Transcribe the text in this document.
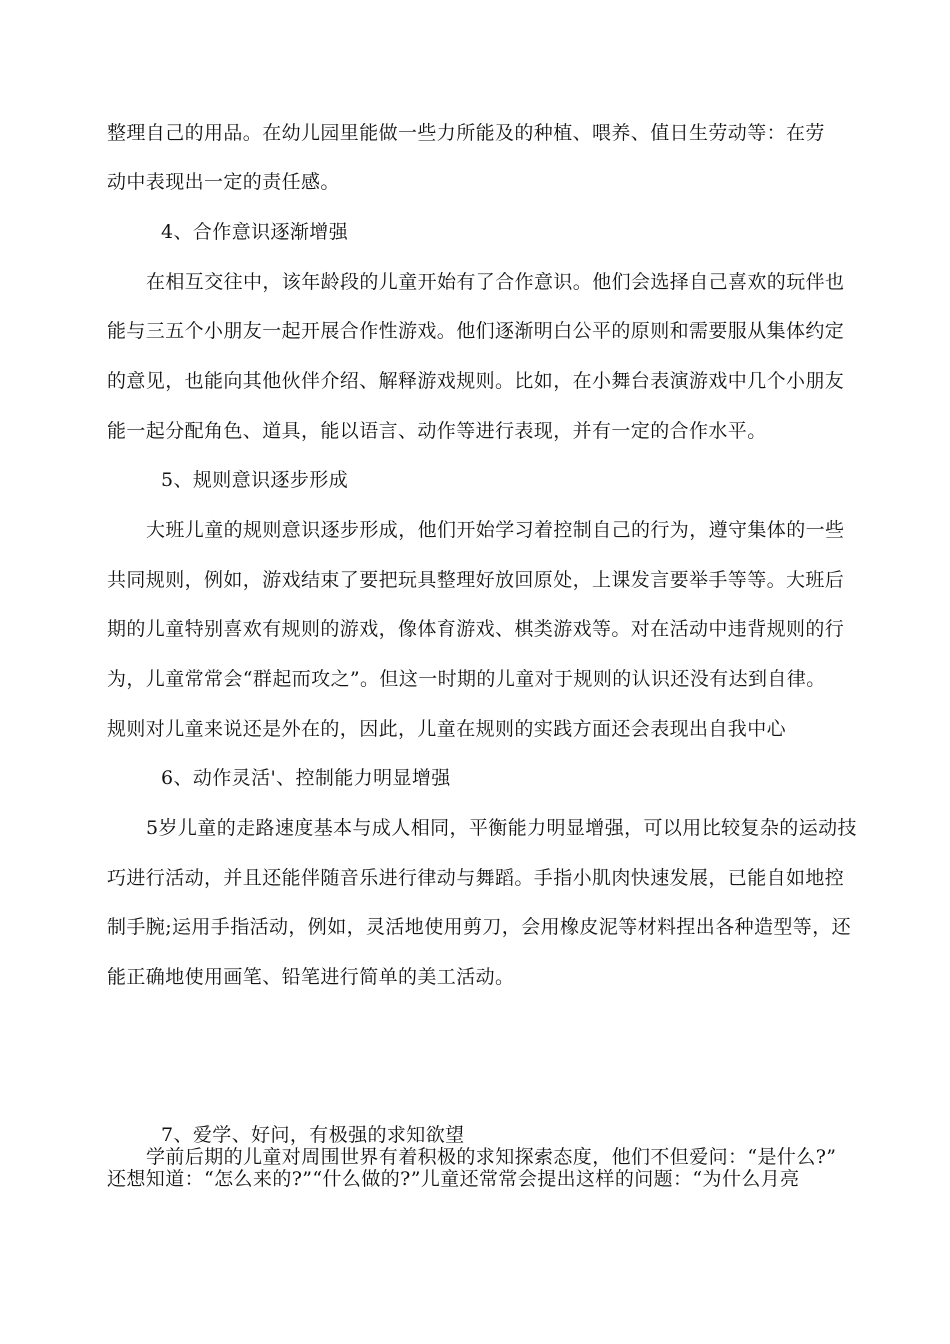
整理自己的用品。在幼儿园里能做一些力所能及的种植、喂养、值日生劳动等：在劳
动中表现出一定的责任感。
4、合作意识逐渐增强
在相互交往中，该年龄段的儿童开始有了合作意识。他们会选择自己喜欢的玩伴也
能与三五个小朋友一起开展合作性游戏。他们逐渐明白公平的原则和需要服从集体约定
的意见，也能向其他伙伴介绍、解释游戏规则。比如，在小舞台表演游戏中几个小朋友
能一起分配角色、道具，能以语言、动作等进行表现，并有一定的合作水平。
5、规则意识逐步形成
大班儿童的规则意识逐步形成，他们开始学习着控制自己的行为，遵守集体的一些
共同规则，例如，游戏结束了要把玩具整理好放回原处，上课发言要举手等等。大班后
期的儿童特别喜欢有规则的游戏，像体育游戏、棋类游戏等。对在活动中违背规则的行
为，儿童常常会“群起而攻之”。但这一时期的儿童对于规则的认识还没有达到自律。
规则对儿童来说还是外在的，因此，儿童在规则的实践方面还会表现出自我中心
6、动作灵活'、控制能力明显增强
5岁儿童的走路速度基本与成人相同，平衡能力明显增强，可以用比较复杂的运动技
巧进行活动，并且还能伴随音乐进行律动与舞蹈。手指小肌肉快速发展，已能自如地控
制手腕;运用手指活动，例如，灵活地使用剪刀，会用橡皮泥等材料捏出各种造型等，还
能正确地使用画笔、铅笔进行简单的美工活动。
7、爱学、好问，有极强的求知欲望
学前后期的儿童对周围世界有着积极的求知探索态度，他们不但爱问：“是什么?”
还想知道：“怎么来的?”“什么做的?”儿童还常常会提出这样的问题：“为什么月亮
